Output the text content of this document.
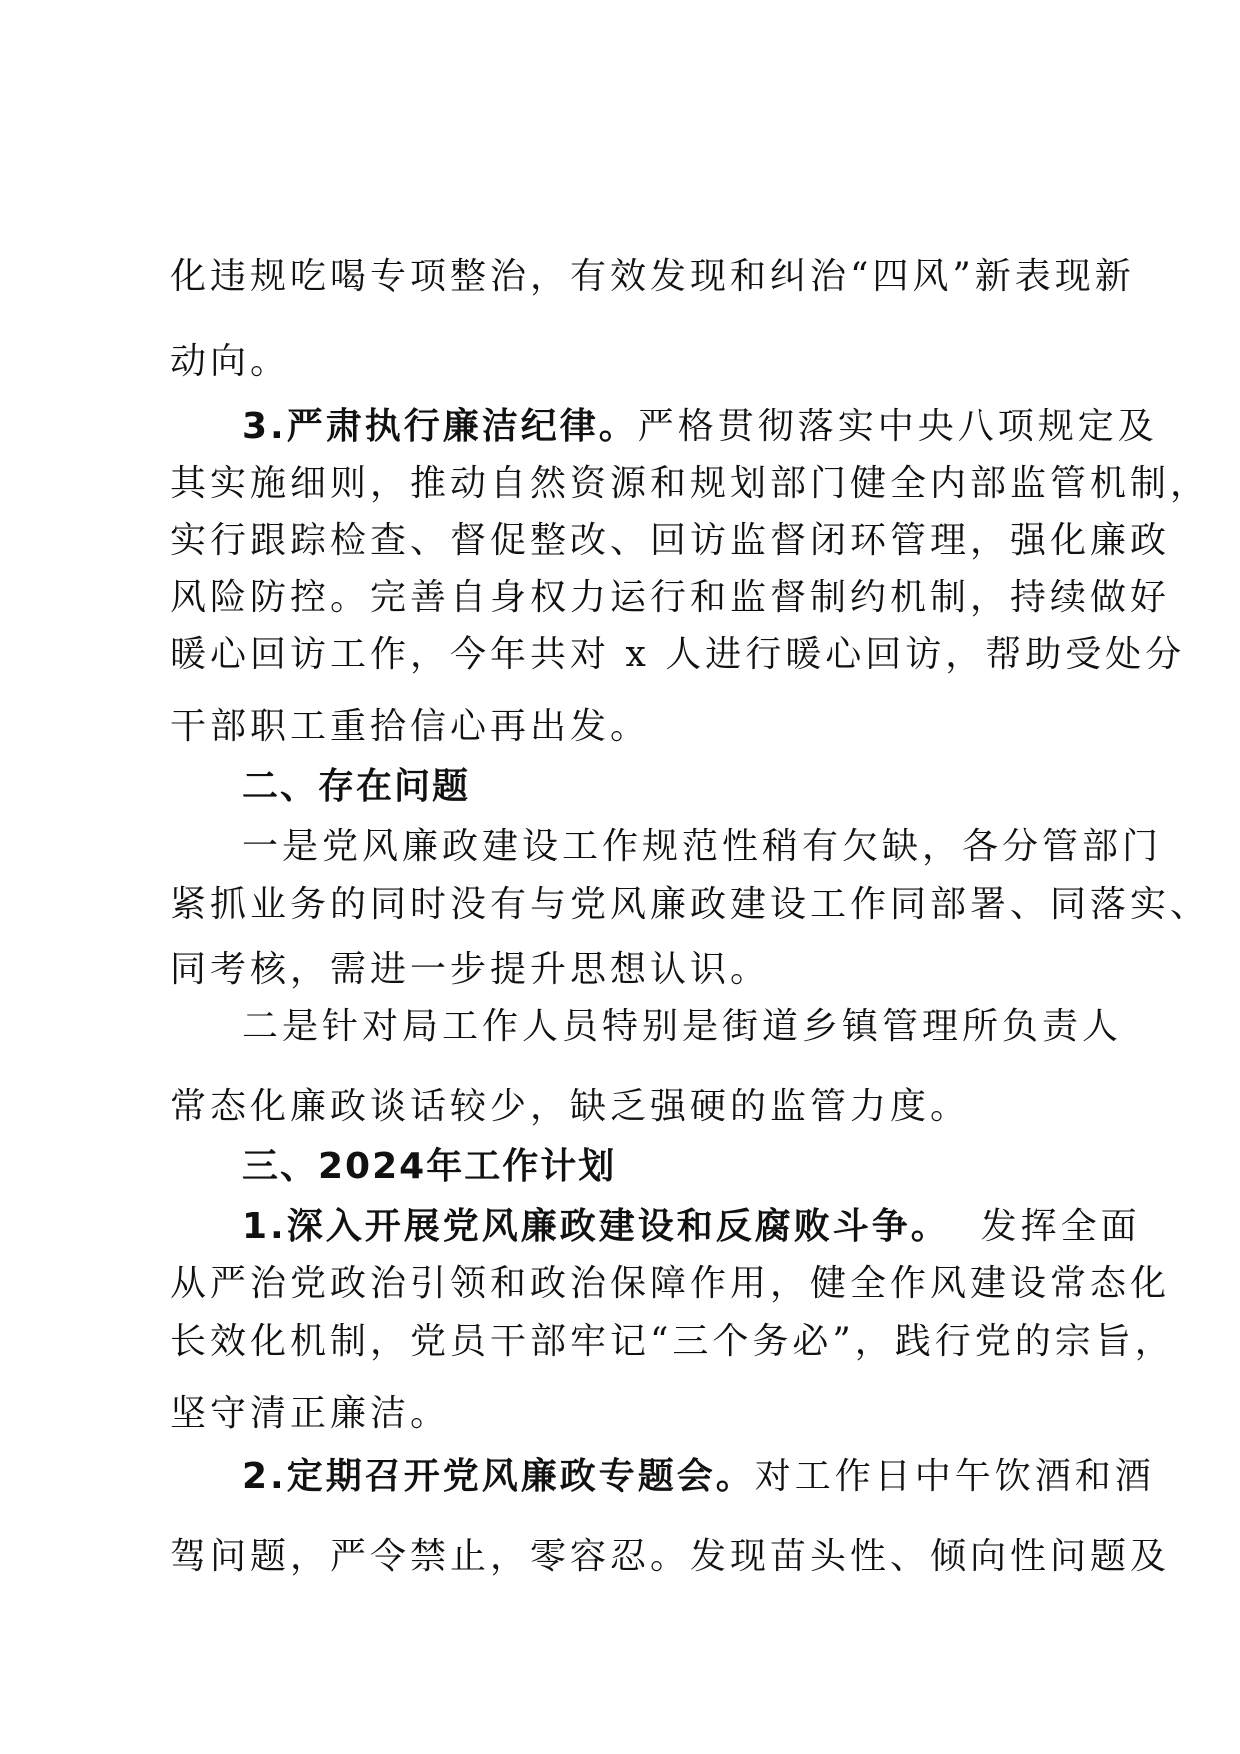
化违规吃喝专项整治，有效发现和纠治“四风”新表现新
动向。
3.严肃执行廉洁纪律。严格贯彻落实中央八项规定及
其实施细则，推动自然资源和规划部门健全内部监管机制，
实行跟踪检查、督促整改、回访监督闭环管理，强化廉政
风险防控。完善自身权力运行和监督制约机制，持续做好
暖心回访工作，今年共对 x 人进行暖心回访，帮助受处分
干部职工重拾信心再出发。
二、存在问题
一是党风廉政建设工作规范性稍有欠缺，各分管部门
紧抓业务的同时没有与党风廉政建设工作同部署、同落实、
同考核，需进一步提升思想认识。
二是针对局工作人员特别是街道乡镇管理所负责人
常态化廉政谈话较少，缺乏强硬的监管力度。
三、2024年工作计划
1.深入开展党风廉政建设和反腐败斗争。  发挥全面
从严治党政治引领和政治保障作用，健全作风建设常态化
长效化机制，党员干部牢记“三个务必”，践行党的宗旨，
坚守清正廉洁。
2.定期召开党风廉政专题会。对工作日中午饮酒和酒
驾问题，严令禁止，零容忍。发现苗头性、倾向性问题及
